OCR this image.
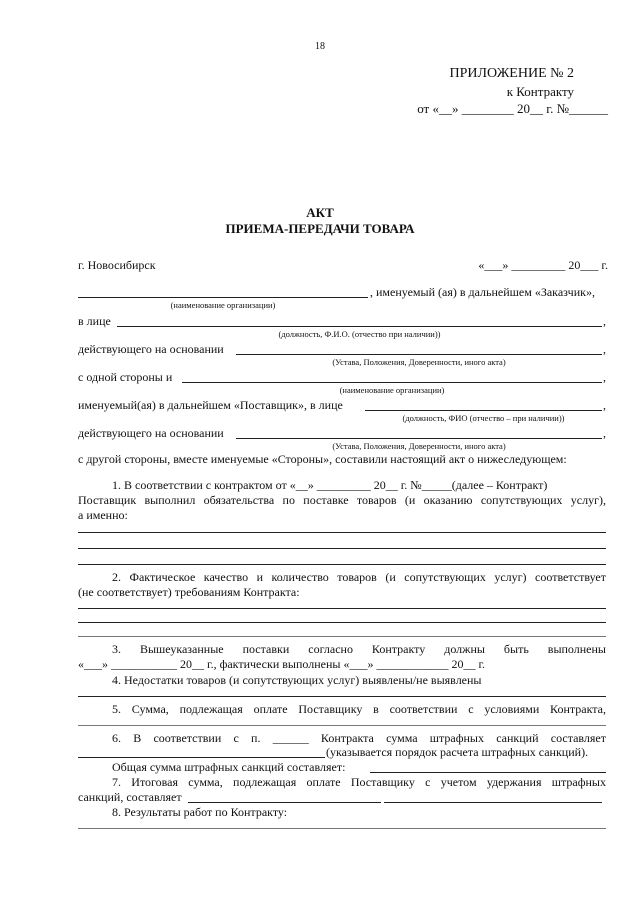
18
ПРИЛОЖЕНИЕ № 2
к Контракту
от «__» ________ 20__ г. №______
АКТ
ПРИЕМА-ПЕРЕДАЧИ ТОВАРА
г. Новосибирск	«___» _________ 20___ г.
, именуемый (ая) в дальнейшем «Заказчик»,
(наименование организации)
в лице	,
(должность, Ф.И.О. (отчество при наличии))
действующего на основании	,
(Устава, Положения, Доверенности, иного акта)
с одной стороны и	,
(наименование организации)
именуемый(ая) в дальнейшем «Поставщик», в лице	,
(должность, ФИО (отчество – при наличии))
действующего на основании	,
(Устава, Положения, Доверенности, иного акта)
с другой стороны, вместе именуемые «Стороны», составили настоящий акт о нижеследующем:
1. В соответствии с контрактом от «__» _________ 20__ г. №_____(далее – Контракт)
Поставщик выполнил обязательства по поставке товаров (и оказанию сопутствующих услуг),
а именно:
2. Фактическое качество и количество товаров (и сопутствующих услуг) соответствует
(не соответствует) требованиям Контракта:
3. Вышеуказанные поставки согласно Контракту должны быть выполнены
«___» ___________ 20__ г., фактически выполнены «___» ____________ 20__ г.
4. Недостатки товаров (и сопутствующих услуг) выявлены/не выявлены
5. Сумма, подлежащая оплате Поставщику в соответствии с условиями Контракта,
6. В соответствии с п. ______ Контракта сумма штрафных санкций составляет
(указывается порядок расчета штрафных санкций).
Общая сумма штрафных санкций составляет:
7. Итоговая сумма, подлежащая оплате Поставщику с учетом удержания штрафных
санкций, составляет
8. Результаты работ по Контракту:
